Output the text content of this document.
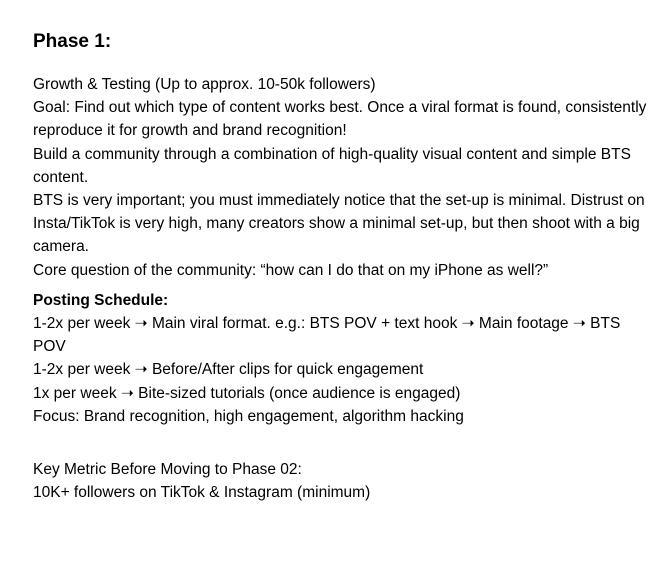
Phase 1:

Growth & Testing (Up to approx. 10-50k followers)

Goal: Find out which type of content works best. Once a viral format is found, consistently reproduce it for growth and brand recognition!

Build a community through a combination of high-quality visual content and simple BTS content.

BTS is very important; you must immediately notice that the set-up is minimal. Distrust on Insta/TikTok is very high, many creators show a minimal set-up, but then shoot with a big camera.

Core question of the community: “how can I do that on my iPhone as well?”

Posting Schedule:

1-2x per week ➝ Main viral format. e.g.: BTS POV + text hook ➝ Main footage ➝ BTS POV

1-2x per week ➝ Before/After clips for quick engagement

1x per week ➝ Bite-sized tutorials (once audience is engaged)

Focus: Brand recognition, high engagement, algorithm hacking

Key Metric Before Moving to Phase 02:

10K+ followers on TikTok & Instagram (minimum)
